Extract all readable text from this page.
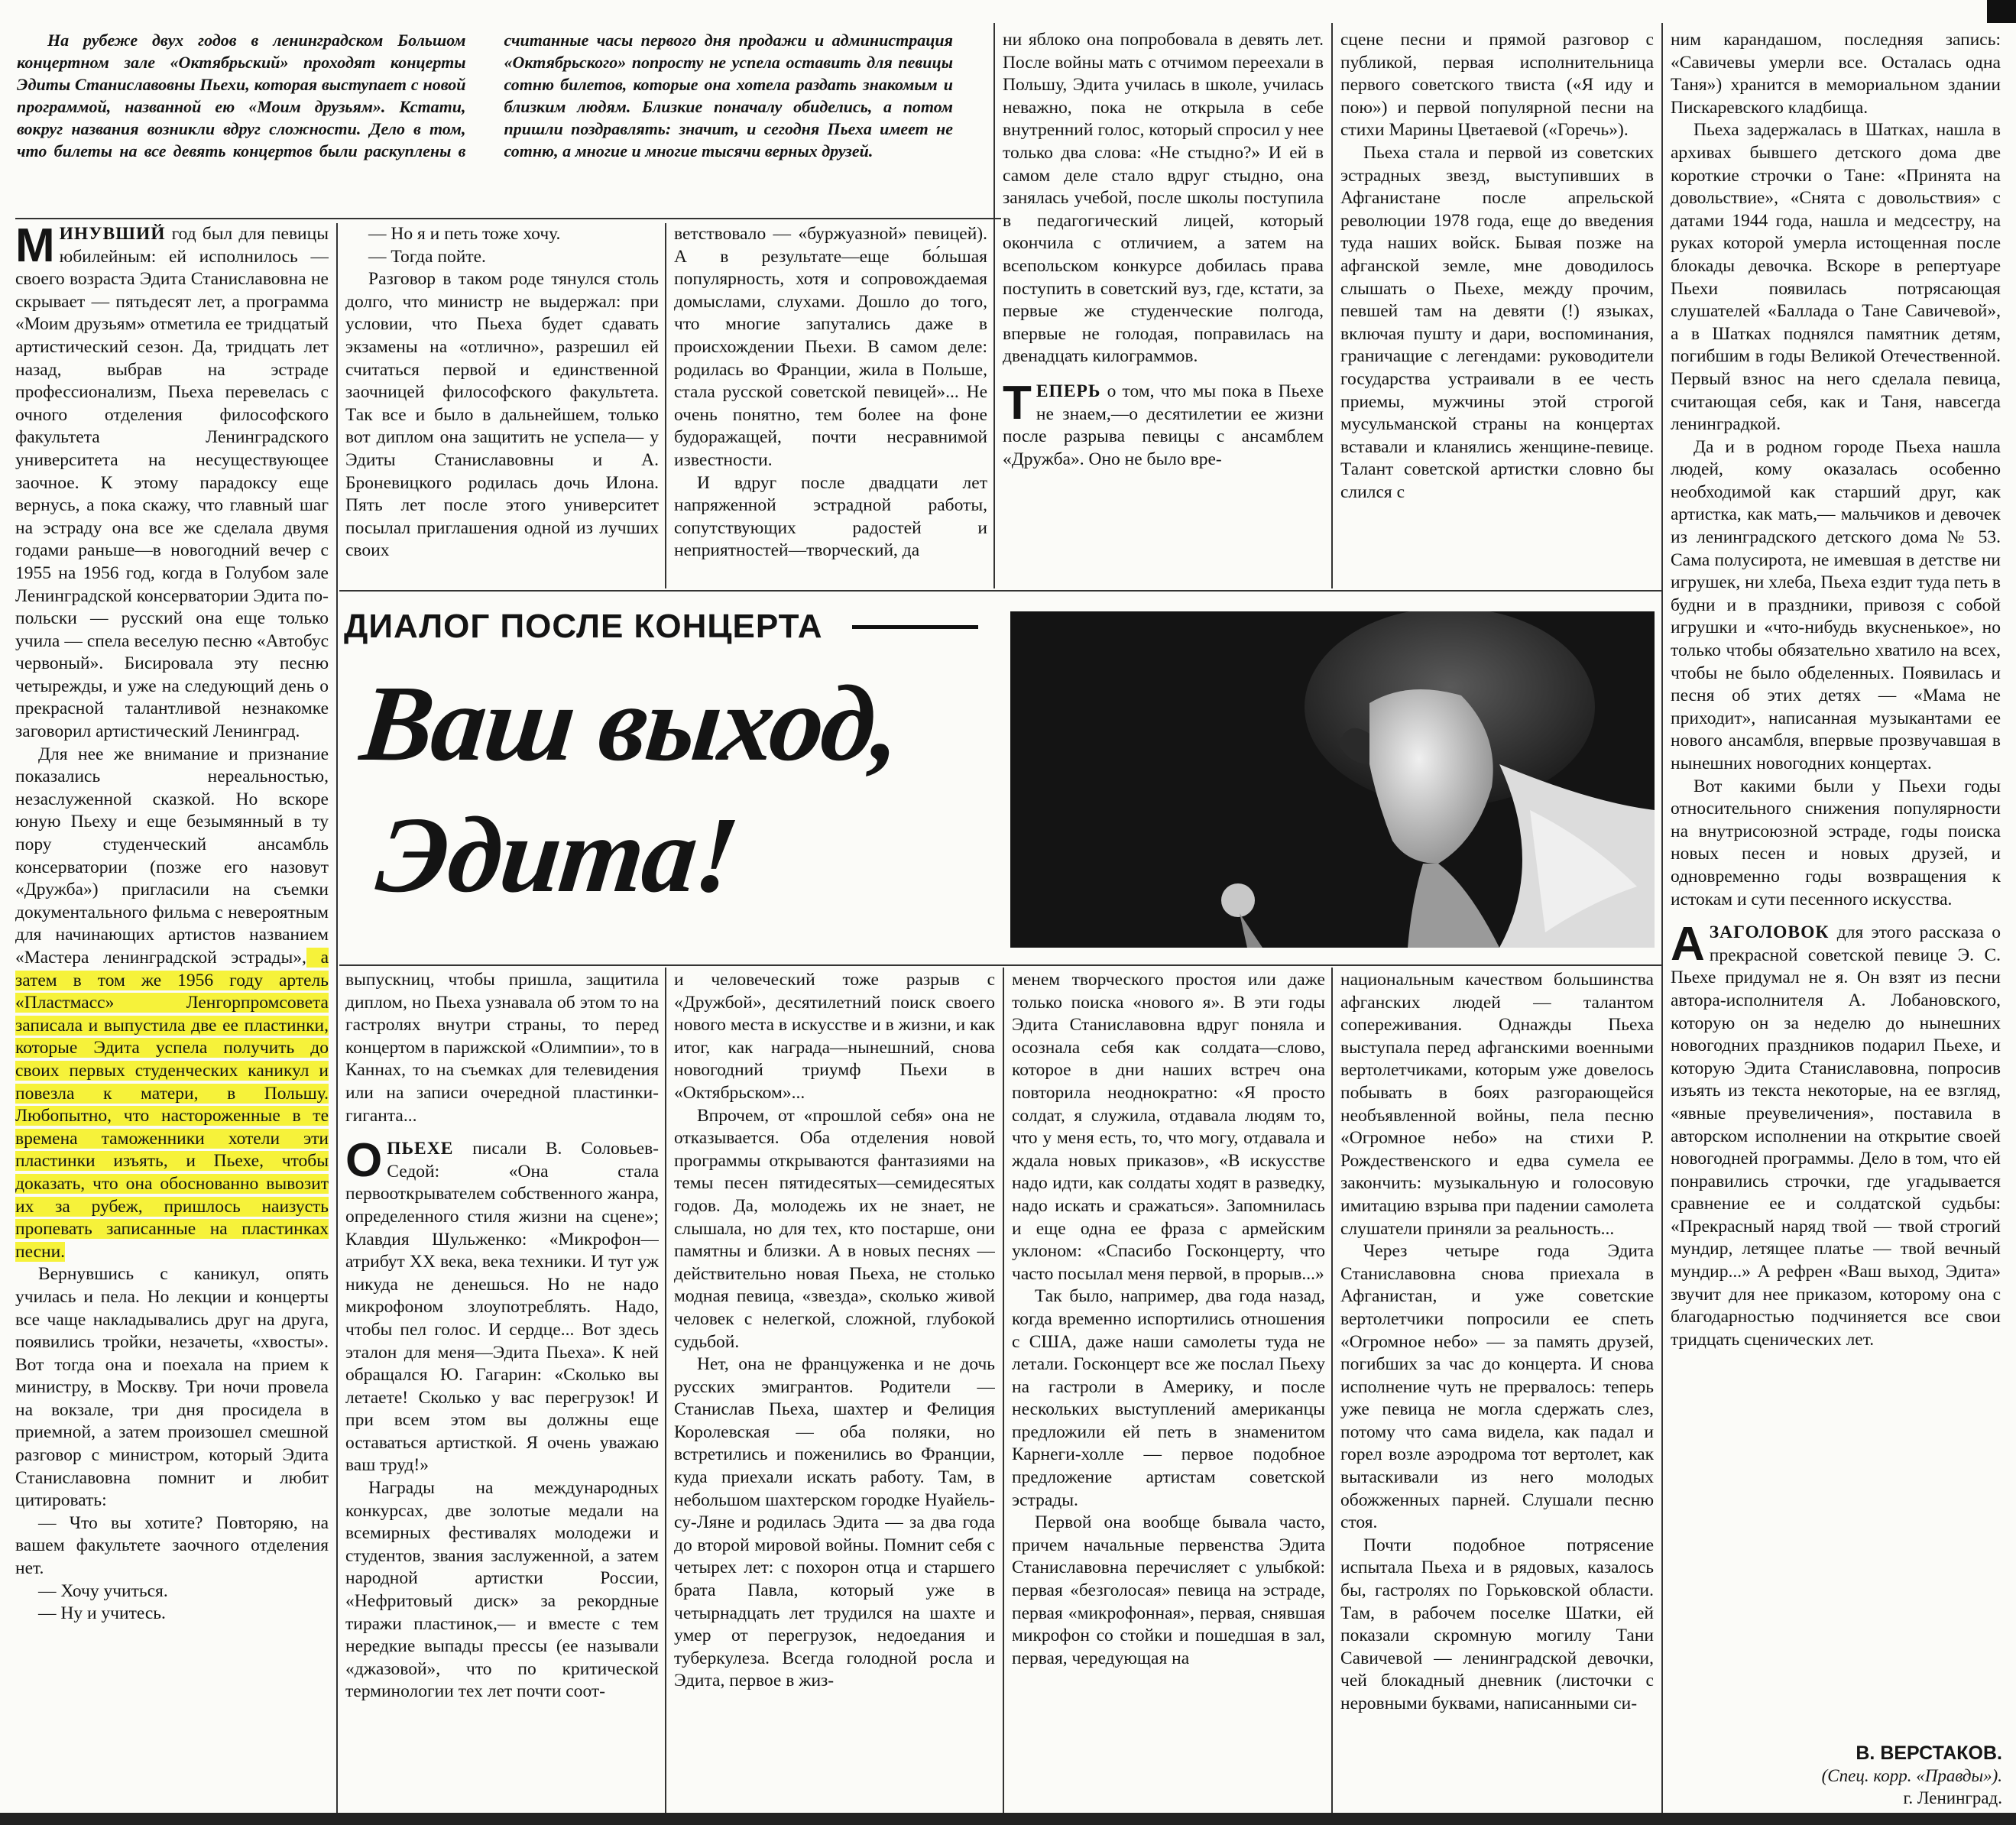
На рубеже двух годов в ленинградском Большом концертном зале «Октябрьский» проходят концерты Эдиты Станиславовны Пьехи, которая выступает с новой программой, названной ею «Моим друзьям». Кстати, вокруг названия возникли вдруг сложности. Дело в том, что билеты на все девять концертов были раскуплены в считанные часы первого дня продажи и администрация «Октябрьского» попросту не успела оставить для певицы сотню билетов, которые она хотела раздать знакомым и близким людям. Близкие поначалу обиделись, а потом пришли поздравлять: значит, и сегодня Пьеха имеет не сотню, а многие и многие тысячи верных друзей.

МИНУВШИЙ год был для певицы юбилейным: ей исполнилось — своего возраста Эдита Станиславовна не скрывает — пятьдесят лет, а программа «Моим друзьям» отметила ее тридцатый артистический сезон. Да, тридцать лет назад, выбрав на эстраде профессионализм, Пьеха перевелась с очного отделения философского факультета Ленинградского университета на несуществующее заочное. К этому парадоксу еще вернусь, а пока скажу, что главный шаг на эстраду она все же сделала двумя годами раньше—в новогодний вечер с 1955 на 1956 год, когда в Голубом зале Ленинградской консерватории Эдита по-польски — русский она еще только учила — спела веселую песню «Автобус червоный». Бисировала эту песню четырежды, и уже на следующий день о прекрасной талантливой незнакомке заговорил артистический Ленинград.

Для нее же внимание и признание показались нереальностью, незаслуженной сказкой. Но вскоре юную Пьеху и еще безымянный в ту пору студенческий ансамбль консерватории (позже его назовут «Дружба») пригласили на съемки документального фильма с невероятным для начинающих артистов названием «Мастера ленинградской эстрады», а затем в том же 1956 году артель «Пластмасс» Ленгорпромсовета записала и выпустила две ее пластинки, которые Эдита успела получить до своих первых студенческих каникул и повезла к матери, в Польшу. Любопытно, что настороженные в те времена таможенники хотели эти пластинки изъять, и Пьехе, чтобы доказать, что она обоснованно вывозит их за рубеж, пришлось наизусть пропевать записанные на пластинках песни.

Вернувшись с каникул, опять училась и пела. Но лекции и концерты все чаще накладывались друг на друга, появились тройки, незачеты, «хвосты». Вот тогда она и поехала на прием к министру, в Москву. Три ночи провела на вокзале, три дня просидела в приемной, а затем произошел смешной разговор с министром, который Эдита Станиславовна помнит и любит цитировать:

— Что вы хотите? Повторяю, на вашем факультете заочного отделения нет.

— Хочу учиться.

— Ну и учитесь.

— Но я и петь тоже хочу.

— Тогда пойте.

Разговор в таком роде тянулся столь долго, что министр не выдержал: при условии, что Пьеха будет сдавать экзамены на «отлично», разрешил ей считаться первой и единственной заочницей философского факультета. Так все и было в дальнейшем, только вот диплом она защитить не успела— у Эдиты Станиславовны и А. Броневицкого родилась дочь Илона. Пять лет после этого университет посылал приглашения одной из лучших своих

ветствовало — «буржуазной» певицей). А в результате—еще бо́льшая популярность, хотя и сопровождаемая домыслами, слухами. Дошло до того, что многие запутались даже в происхождении Пьехи. В самом деле: родилась во Франции, жила в Польше, стала русской советской певицей»... Не очень понятно, тем более на фоне будоражащей, почти несравнимой известности.

И вдруг после двадцати лет напряженной эстрадной работы, сопутствующих радостей и неприятностей—творческий, да

ни яблоко она попробовала в девять лет. После войны мать с отчимом переехали в Польшу, Эдита училась в школе, училась неважно, пока не открыла в себе внутренний голос, который спросил у нее только два слова: «Не стыдно?» И ей в самом деле стало вдруг стыдно, она занялась учебой, после школы поступила в педагогический лицей, который окончила с отличием, а затем на всепольском конкурсе добилась права поступить в советский вуз, где, кстати, за первые же студенческие полгода, впервые не голодая, поправилась на двенадцать килограммов.

ТЕПЕРЬ о том, что мы пока в Пьехе не знаем,—о десятилетии ее жизни после разрыва певицы с ансамблем «Дружба». Оно не было вре-

сцене песни и прямой разговор с публикой, первая исполнительница первого советского твиста («Я иду и пою») и первой популярной песни на стихи Марины Цветаевой («Горечь»).

Пьеха стала и первой из советских эстрадных звезд, выступивших в Афганистане после апрельской революции 1978 года, еще до введения туда наших войск. Бывая позже на афганской земле, мне доводилось слышать о Пьехе, между прочим, певшей там на девяти (!) языках, включая пушту и дари, воспоминания, граничащие с легендами: руководители государства устраивали в ее честь приемы, мужчины этой строгой мусульманской страны на концертах вставали и кланялись женщине-певице. Талант советской артистки словно бы слился с

ним карандашом, последняя запись: «Савичевы умерли все. Осталась одна Таня») хранится в мемориальном здании Пискаревского кладбища.

Пьеха задержалась в Шатках, нашла в архивах бывшего детского дома две короткие строчки о Тане: «Принята на довольствие», «Снята с довольствия» с датами 1944 года, нашла и медсестру, на руках которой умерла истощенная после блокады девочка. Вскоре в репертуаре Пьехи появилась потрясающая слушателей «Баллада о Тане Савичевой», а в Шатках поднялся памятник детям, погибшим в годы Великой Отечественной. Первый взнос на него сделала певица, считающая себя, как и Таня, навсегда ленинградкой.

Да и в родном городе Пьеха нашла людей, кому оказалась особенно необходимой как старший друг, как артистка, как мать,— мальчиков и девочек из ленинградского детского дома № 53. Сама полусирота, не имевшая в детстве ни игрушек, ни хлеба, Пьеха ездит туда петь в будни и в праздники, привозя с собой игрушки и «что-нибудь вкусненькое», но только чтобы обязательно хватило на всех, чтобы не было обделенных. Появилась и песня об этих детях — «Мама не приходит», написанная музыкантами ее нового ансамбля, впервые прозвучавшая в нынешних новогодних концертах.

Вот какими были у Пьехи годы относительного снижения популярности на внутрисоюзной эстраде, годы поиска новых песен и новых друзей, и одновременно годы возвращения к истокам и сути песенного искусства.

АЗАГОЛОВОК для этого рассказа о прекрасной советской певице Э. С. Пьехе придумал не я. Он взят из песни автора-исполнителя А. Лобановского, которую он за неделю до нынешних новогодних праздников подарил Пьехе, и которую Эдита Станиславовна, попросив изъять из текста некоторые, на ее взгляд, «явные преувеличения», поставила в авторском исполнении на открытие своей новогодней программы. Дело в том, что ей понравились строчки, где угадывается сравнение ее и солдатской судьбы: «Прекрасный наряд твой — твой строгий мундир, летящее платье — твой вечный мундир...» А рефрен «Ваш выход, Эдита» звучит для нее приказом, которому она с благодарностью подчиняется все свои тридцать сценических лет.

ДИАЛОГ ПОСЛЕ КОНЦЕРТА
Ваш выход,
Эдита!

выпускниц, чтобы пришла, защитила диплом, но Пьеха узнавала об этом то на гастролях внутри страны, то перед концертом в парижской «Олимпии», то в Каннах, то на съемках для телевидения или на записи очередной пластинки-гиганта...

ОПЬЕХЕ писали В. Соловьев-Седой: «Она стала первооткрывателем собственного жанра, определенного стиля жизни на сцене»; Клавдия Шульженко: «Микрофон—атрибут XX века, века техники. И тут уж никуда не денешься. Но не надо микрофоном злоупотреблять. Надо, чтобы пел голос. И сердце... Вот здесь эталон для меня—Эдита Пьеха». К ней обращался Ю. Гагарин: «Сколько вы летаете! Сколько у вас перегрузок! И при всем этом вы должны еще оставаться артисткой. Я очень уважаю ваш труд!»

Награды на международных конкурсах, две золотые медали на всемирных фестивалях молодежи и студентов, звания заслуженной, а затем народной артистки России, «Нефритовый диск» за рекордные тиражи пластинок,— и вместе с тем нередкие выпады прессы (ее называли «джазовой», что по критической терминологии тех лет почти соот-

и человеческий тоже разрыв с «Дружбой», десятилетний поиск своего нового места в искусстве и в жизни, и как итог, как награда—нынешний, снова новогодний триумф Пьехи в «Октябрьском»...

Впрочем, от «прошлой себя» она не отказывается. Оба отделения новой программы открываются фантазиями на темы песен пятидесятых—семидесятых годов. Да, молодежь их не знает, не слышала, но для тех, кто постарше, они памятны и близки. А в новых песнях — действительно новая Пьеха, не столько модная певица, «звезда», сколько живой человек с нелегкой, сложной, глубокой судьбой.

Нет, она не француженка и не дочь русских эмигрантов. Родители — Станислав Пьеха, шахтер и Фелиция Королевская — оба поляки, но встретились и поженились во Франции, куда приехали искать работу. Там, в небольшом шахтерском городке Нуайель-су-Ляне и родилась Эдита — за два года до второй мировой войны. Помнит себя с четырех лет: с похорон отца и старшего брата Павла, который уже в четырнадцать лет трудился на шахте и умер от перегрузок, недоедания и туберкулеза. Всегда голодной росла и Эдита, первое в жиз-

менем творческого простоя или даже только поиска «нового я». В эти годы Эдита Станиславовна вдруг поняла и осознала себя как солдата—слово, которое в дни наших встреч она повторила неоднократно: «Я просто солдат, я служила, отдавала людям то, что у меня есть, то, что могу, отдавала и ждала новых приказов», «В искусстве надо идти, как солдаты ходят в разведку, надо искать и сражаться». Запомнилась и еще одна ее фраза с армейским уклоном: «Спасибо Госконцерту, что часто посылал меня первой, в прорыв...»

Так было, например, два года назад, когда временно испортились отношения с США, даже наши самолеты туда не летали. Госконцерт все же послал Пьеху на гастроли в Америку, и после нескольких выступлений американцы предложили ей петь в знаменитом Карнеги-холле — первое подобное предложение артистам советской эстрады.

Первой она вообще бывала часто, причем начальные первенства Эдита Станиславовна перечисляет с улыбкой: первая «безголосая» певица на эстраде, первая «микрофонная», первая, снявшая микрофон со стойки и пошедшая в зал, первая, чередующая на

национальным качеством большинства афганских людей — талантом сопереживания. Однажды Пьеха выступала перед афганскими военными вертолетчиками, которым уже довелось побывать в боях разгорающейся необъявленной войны, пела песню «Огромное небо» на стихи Р. Рождественского и едва сумела ее закончить: музыкальную и голосовую имитацию взрыва при падении самолета слушатели приняли за реальность...

Через четыре года Эдита Станиславовна снова приехала в Афганистан, и уже советские вертолетчики попросили ее спеть «Огромное небо» — за память друзей, погибших за час до концерта. И снова исполнение чуть не прервалось: теперь уже певица не могла сдержать слез, потому что сама видела, как падал и горел возле аэродрома тот вертолет, как вытаскивали из него молодых обожженных парней. Слушали песню стоя.

Почти подобное потрясение испытала Пьеха и в рядовых, казалось бы, гастролях по Горьковской области. Там, в рабочем поселке Шатки, ей показали скромную могилу Тани Савичевой — ленинградской девочки, чей блокадный дневник (листочки с неровными буквами, написанными си-

В. ВЕРСТАКОВ.
(Спец. корр. «Правды»).
г. Ленинград.
